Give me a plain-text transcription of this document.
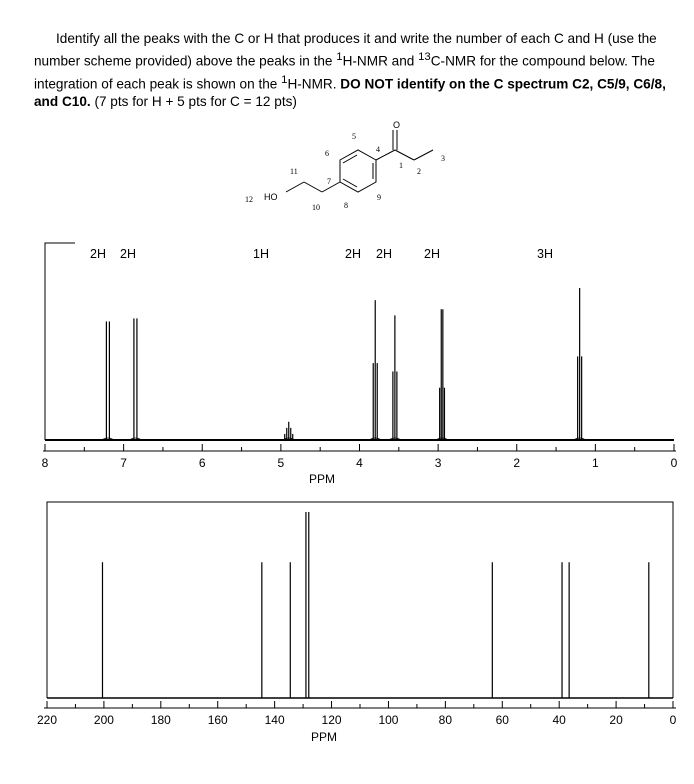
Identify all the peaks with the C or H that produces it and write the number of each C and H (use the number scheme provided) above the peaks in the $^1$H-NMR and $^{13}$C-NMR for the compound below. The integration of each peak is shown on the $^1$H-NMR. DO NOT identify on the C spectrum C2, C5/9, C6/8, and C10. (7 pts for H + 5 pts for C = 12 pts)

HO
O
1
2
3
4
5
6
7
8
9
10
11
12
8	7	6	5	4	3	2	1	0
PPM
2H 2H	1H	2H 2H	2H	3H
220	200	180	160	140	120	100	80	60	40	20	0
PPM
